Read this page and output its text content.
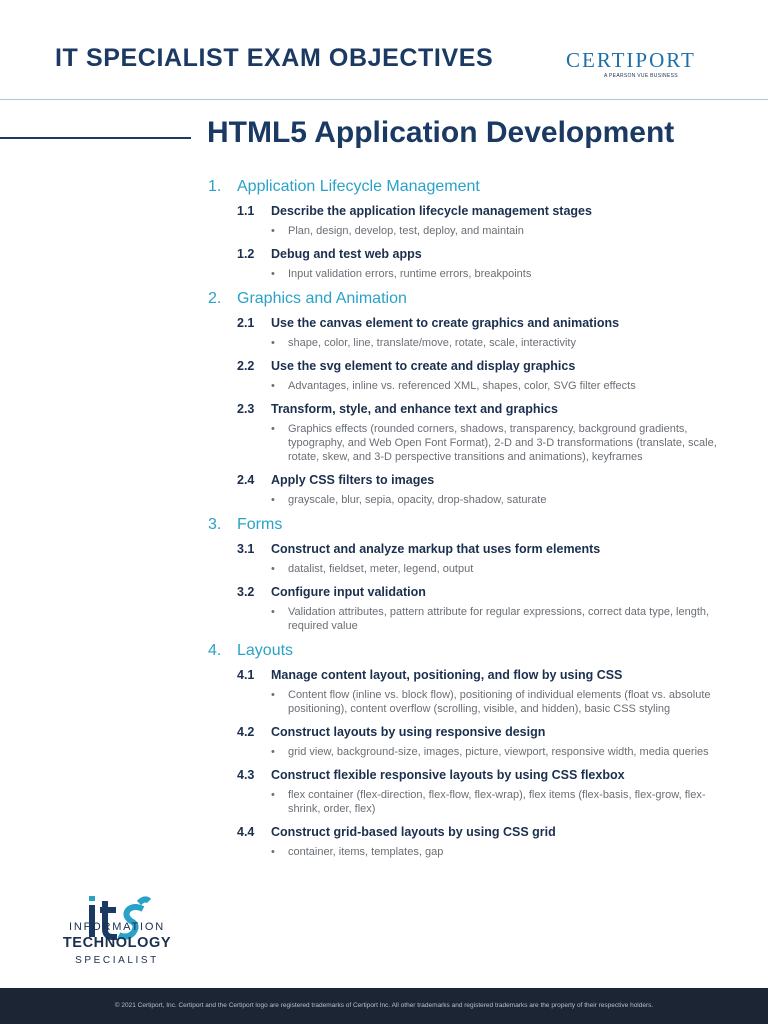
IT SPECIALIST EXAM OBJECTIVES	CERTIPORT
A PEARSON VUE BUSINESS
HTML5 Application Development
1. Application Lifecycle Management
1.1	Describe the application lifecycle management stages
•	Plan, design, develop, test, deploy, and maintain
1.2	Debug and test web apps
•	Input validation errors, runtime errors, breakpoints
2. Graphics and Animation
2.1	Use the canvas element to create graphics and animations
•	shape, color, line, translate/move, rotate, scale, interactivity
2.2	Use the svg element to create and display graphics
•	Advantages, inline vs. referenced XML, shapes, color, SVG filter effects
2.3	Transform, style, and enhance text and graphics
•	Graphics effects (rounded corners, shadows, transparency, background gradients, typography, and Web Open Font Format), 2-D and 3-D transformations (translate, scale, rotate, skew, and 3-D perspective transitions and animations), keyframes
2.4	Apply CSS filters to images
•	grayscale, blur, sepia, opacity, drop-shadow, saturate
3. Forms
3.1	Construct and analyze markup that uses form elements
•	datalist, fieldset, meter, legend, output
3.2	Configure input validation
•	Validation attributes, pattern attribute for regular expressions, correct data type, length, required value
4. Layouts
4.1	Manage content layout, positioning, and flow by using CSS
•	Content flow (inline vs. block flow), positioning of individual elements (float vs. absolute positioning), content overflow (scrolling, visible, and hidden), basic CSS styling
4.2	Construct layouts by using responsive design
•	grid view, background-size, images, picture, viewport, responsive width, media queries
4.3	Construct flexible responsive layouts by using CSS flexbox
•	flex container (flex-direction, flex-flow, flex-wrap), flex items (flex-basis, flex-grow, flex-shrink, order, flex)
4.4	Construct grid-based layouts by using CSS grid
•	container, items, templates, gap
INFORMATION
TECHNOLOGY
SPECIALIST
© 2021 Certiport, Inc. Certiport and the Certiport logo are registered trademarks of Certiport Inc. All other trademarks and registered trademarks are the property of their respective holders.
